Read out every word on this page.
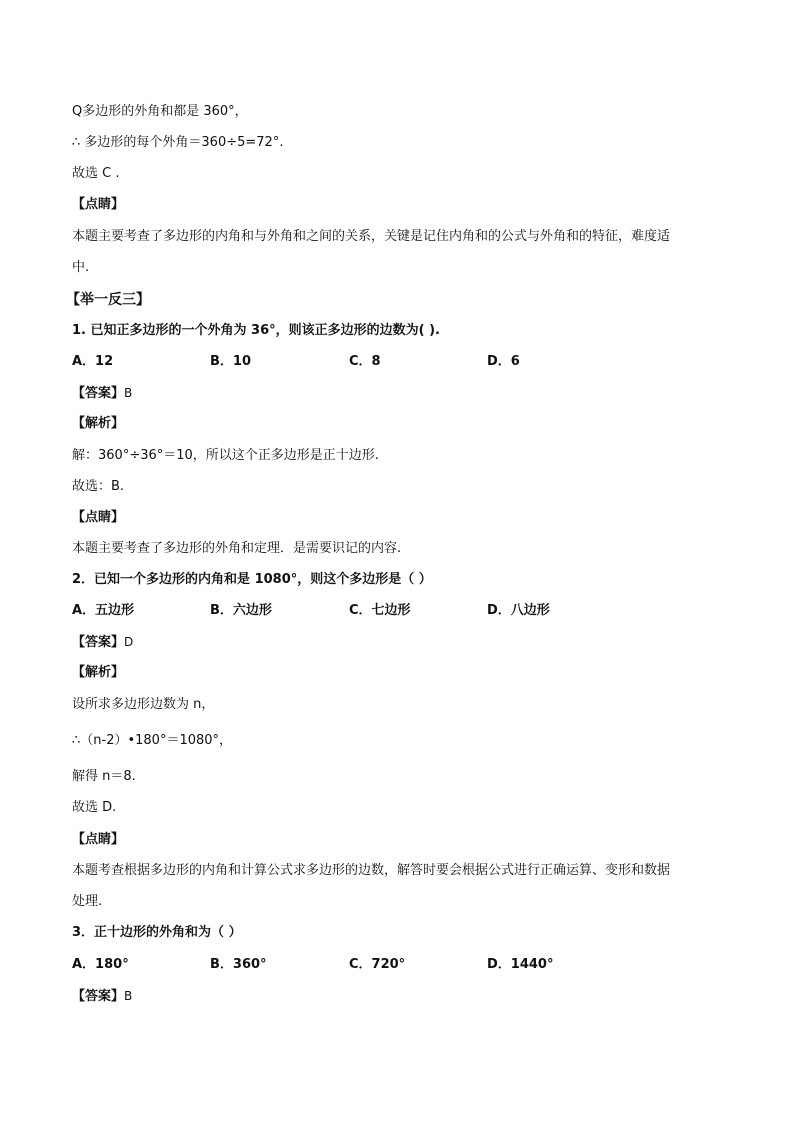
Q多边形的外角和都是 360°，
∴ 多边形的每个外角＝360÷5=72°.
故选 C .
【点睛】
本题主要考查了多边形的内角和与外角和之间的关系，关键是记住内角和的公式与外角和的特征，难度适
中.
【举一反三】
1. 已知正多边形的一个外角为 36°，则该正多边形的边数为( ).
A．12	B．10	C．8	D．6
【答案】B
【解析】
解：360°÷36°＝10，所以这个正多边形是正十边形.
故选：B.
【点睛】
本题主要考查了多边形的外角和定理．是需要识记的内容.
2．已知一个多边形的内角和是 1080°，则这个多边形是（ ）
A．五边形	B．六边形	C．七边形	D．八边形
【答案】D
【解析】
设所求多边形边数为 n，
∴（n-2）•180°＝1080°，
解得 n＝8.
故选 D.
【点睛】
本题考查根据多边形的内角和计算公式求多边形的边数，解答时要会根据公式进行正确运算、变形和数据
处理.
3．正十边形的外角和为（ ）
A．180°	B．360°	C．720°	D．1440°
【答案】B
